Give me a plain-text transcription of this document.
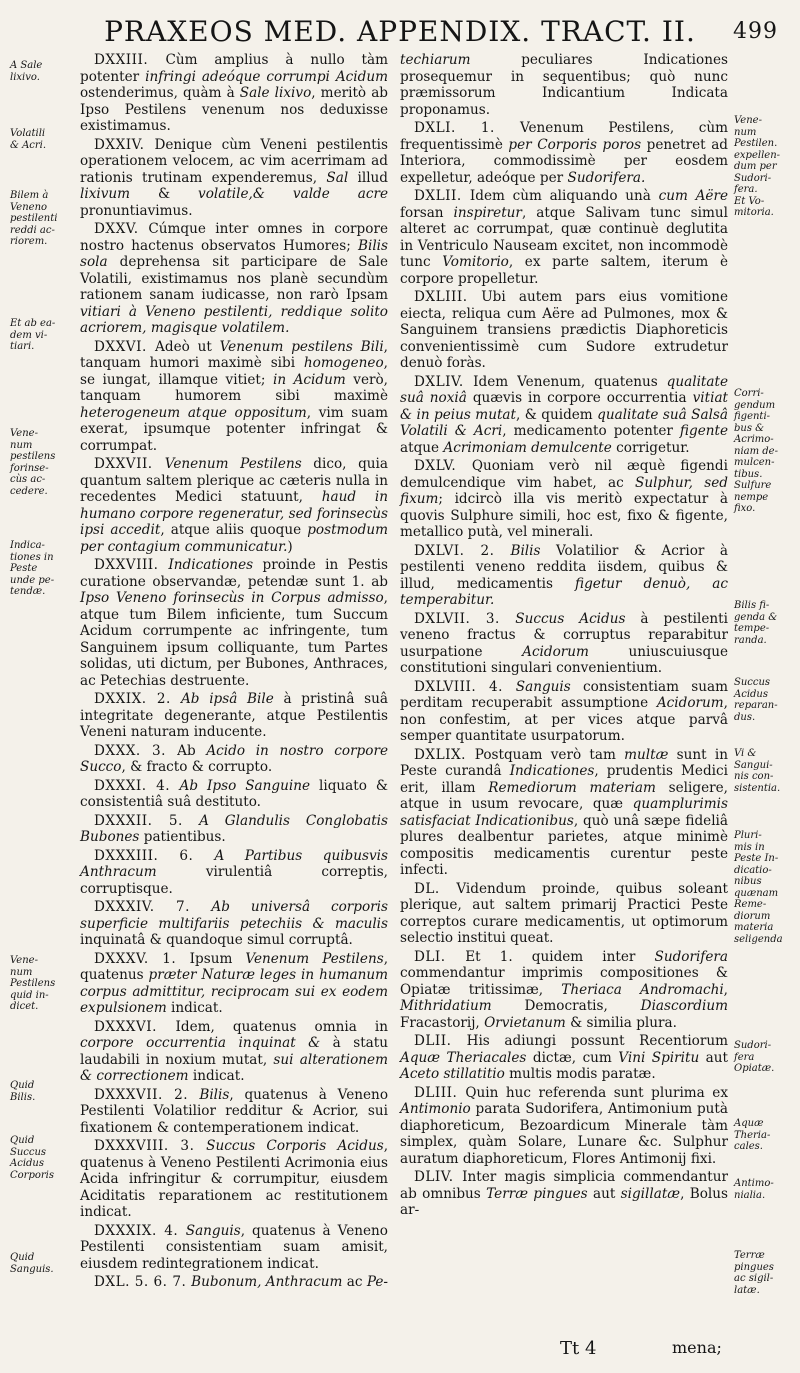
PRAXEOS MED. APPENDIX. TRACT. II. 499

DXXIII. Cùm amplius à nullo tàm potenter infringi adeóque corrumpi Acidum ostenderimus, quàm à Sale lixivo, meritò ab Ipso Pestilens venenum nos deduxisse existimamus.

DXXIV. Denique cùm Veneni pestilentis operationem velocem, ac vim acerrimam ad rationis trutinam expenderemus, Sal illud lixivum & volatile,& valde acre pronuntiavimus.

DXXV. Cúmque inter omnes in corpore nostro hactenus observatos Humores; Bilis sola deprehensa sit participare de Sale Volatili, existimamus nos planè secundùm rationem sanam iudicasse, non rarò Ipsam vitiari à Veneno pestilenti, reddique solito acriorem, magisque volatilem.

DXXVI. Adeò ut Venenum pestilens Bili, tanquam humori maximè sibi homogeneo, se iungat, illamque vitiet; in Acidum verò, tanquam humorem sibi maximè heterogeneum atque oppositum, vim suam exerat, ipsumque potenter infringat & corrumpat.

DXXVII. Venenum Pestilens dico, quia quantum saltem plerique ac cæteris nulla in recedentes Medici statuunt, haud in humano corpore regeneratur, sed forinsecùs ipsi accedit, atque aliis quoque postmodum per contagium communicatur.)

DXXVIII. Indicationes proinde in Pestis curatione observandæ, petendæ sunt 1. ab Ipso Veneno forinsecùs in Corpus admisso, atque tum Bilem inficiente, tum Succum Acidum corrumpente ac infringente, tum Sanguinem ipsum colliquante, tum Partes solidas, uti dictum, per Bubones, Anthraces, ac Petechias destruente.

DXXIX. 2. Ab ipsâ Bile à pristinâ suâ integritate degenerante, atque Pestilentis Veneni naturam inducente.

DXXX. 3. Ab Acido in nostro corpore Succo, & fracto & corrupto.

DXXXI. 4. Ab Ipso Sanguine liquato & consistentiâ suâ destituto.

DXXXII. 5. A Glandulis Conglobatis Bubones patientibus.

DXXXIII. 6. A Partibus quibusvis Anthracum virulentiâ correptis, corruptisque.

DXXXIV. 7. Ab universâ corporis superficie multifariis petechiis & maculis inquinatâ & quandoque simul corruptâ.

DXXXV. 1. Ipsum Venenum Pestilens, quatenus præter Naturæ leges in humanum corpus admittitur, reciprocam sui ex eodem expulsionem indicat.

DXXXVI. Idem, quatenus omnia in corpore occurrentia inquinat & à statu laudabili in noxium mutat, sui alterationem & correctionem indicat.

DXXXVII. 2. Bilis, quatenus à Veneno Pestilenti Volatilior redditur & Acrior, sui fixationem & contemperationem indicat.

DXXXVIII. 3. Succus Corporis Acidus, quatenus à Veneno Pestilenti Acrimonia eius Acida infringitur & corrumpitur, eiusdem Aciditatis reparationem ac restitutionem indicat.

DXXXIX. 4. Sanguis, quatenus à Veneno Pestilenti consistentiam suam amisit, eiusdem redintegrationem indicat.

DXL. 5. 6. 7. Bubonum, Anthracum ac Pe-

techiarum peculiares Indicationes prosequemur in sequentibus; quò nunc præmissorum Indicantium Indicata proponamus.

DXLI. 1. Venenum Pestilens, cùm frequentissimè per Corporis poros penetret ad Interiora, commodissimè per eosdem expelletur, adeóque per Sudorifera.

DXLII. Idem cùm aliquando unà cum Aëre forsan inspiretur, atque Salivam tunc simul alteret ac corrumpat, quæ continuè deglutita in Ventriculo Nauseam excitet, non incommodè tunc Vomitorio, ex parte saltem, iterum è corpore propelletur.

DXLIII. Ubi autem pars eius vomitione eiecta, reliqua cum Aëre ad Pulmones, mox & Sanguinem transiens prædictis Diaphoreticis convenientissimè cum Sudore extrudetur denuò foràs.

DXLIV. Idem Venenum, quatenus qualitate suâ noxiâ quævis in corpore occurrentia vitiat & in peius mutat, & quidem qualitate suâ Salsâ Volatili & Acri, medicamento potenter figente atque Acrimoniam demulcente corrigetur.

DXLV. Quoniam verò nil æquè figendi demulcendique vim habet, ac Sulphur, sed fixum; idcircò illa vis meritò expectatur à quovis Sulphure simili, hoc est, fixo & figente, metallico putà, vel minerali.

DXLVI. 2. Bilis Volatilior & Acrior à pestilenti veneno reddita iisdem, quibus & illud, medicamentis figetur denuò, ac temperabitur.

DXLVII. 3. Succus Acidus à pestilenti veneno fractus & corruptus reparabitur usurpatione Acidorum uniuscuiusque constitutioni singulari convenientium.

DXLVIII. 4. Sanguis consistentiam suam perditam recuperabit assumptione Acidorum, non confestim, at per vices atque parvâ semper quantitate usurpatorum.

DXLIX. Postquam verò tam multæ sunt in Peste curandâ Indicationes, prudentis Medici erit, illam Remediorum materiam seligere, atque in usum revocare, quæ quamplurimis satisfaciat Indicationibus, quò unâ sæpe fideliâ plures dealbentur parietes, atque minimè compositis medicamentis curentur peste infecti.

DL. Videndum proinde, quibus soleant plerique, aut saltem primarij Practici Peste correptos curare medicamentis, ut optimorum selectio institui queat.

DLI. Et 1. quidem inter Sudorifera commendantur imprimis compositiones & Opiatæ tritissimæ, Theriaca Andromachi, Mithridatium Democratis, Diascordium Fracastorij, Orvietanum & similia plura.

DLII. His adiungi possunt Recentiorum Aquæ Theriacales dictæ, cum Vini Spiritu aut Aceto stillatitio multis modis paratæ.

DLIII. Quin huc referenda sunt plurima ex Antimonio parata Sudorifera, Antimonium putà diaphoreticum, Bezoardicum Minerale tàm simplex, quàm Solare, Lunare &c. Sulphur auratum diaphoreticum, Flores Antimonij fixi.

DLIV. Inter magis simplicia commendantur ab omnibus Terræ pingues aut sigillatæ, Bolus ar-

A Sale
lixivo.
Volatili
& Acri.
Bilem à
Veneno
pestilenti
reddi ac-
riorem.
Et ab ea-
dem vi-
tiari.
Vene-
num
pestilens
forinse-
cùs ac-
cedere.
Indica-
tiones in
Peste
unde pe-
tendæ.
Vene-
num
Pestilens
quid in-
dicet.
Quid
Bilis.
Quid
Succus
Acidus
Corporis
Quid
Sanguis.
Vene-
num
Pestilen.
expellen-
dum per
Sudori-
fera.
Et Vo-
mitoria.
Corri-
gendum
figenti-
bus &
Acrimo-
niam de-
mulcen-
tibus.
Sulfure
nempe
fixo.
Bilis fi-
genda &
tempe-
randa.
Succus
Acidus
reparan-
dus.
Vi &
Sangui-
nis con-
sistentia.
Pluri-
mis in
Peste In-
dicatio-
nibus
quænam
Reme-
diorum
materia
seligenda
Sudori-
fera
Opiatæ.
Aquæ
Theria-
cales.
Antimo-
nialia.
Terræ
pingues
ac sigil-
latæ.
Tt 4	mena;
